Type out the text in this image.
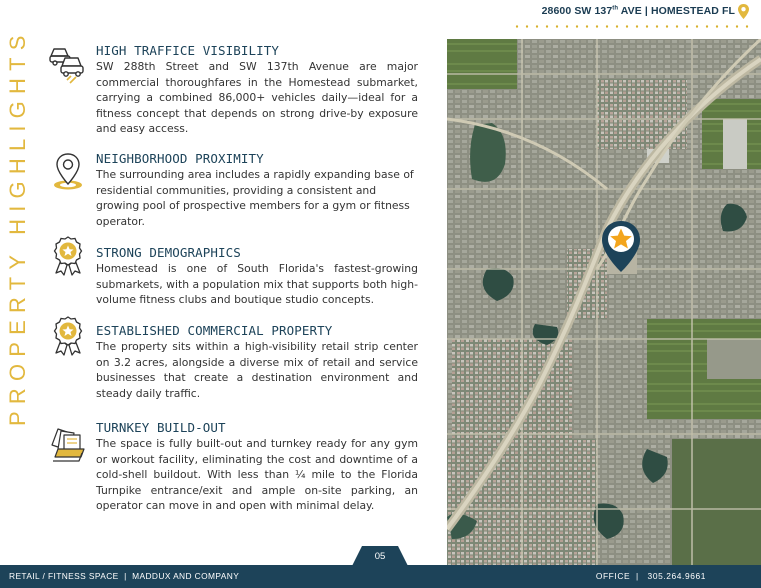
28600 SW 137th AVE | HOMESTEAD FL
PROPERTY HIGHLIGHTS	HIGH TRAFFICE VISIBILITY
SW 288th Street and SW 137th Avenue are major commercial thoroughfares in the Homestead submarket, carrying a combined 86,000+ vehicles daily—ideal for a fitness concept that depends on strong drive-by exposure and easy access.
NEIGHBORHOOD PROXIMITY
The surrounding area includes a rapidly expanding base of residential communities, providing a consistent and growing pool of prospective members for a gym or fitness operator.
STRONG DEMOGRAPHICS
Homestead is one of South Florida's fastest-growing submarkets, with a population mix that supports both high-volume fitness clubs and boutique studio concepts.
ESTABLISHED COMMERCIAL PROPERTY
The property sits within a high-visibility retail strip center on 3.2 acres, alongside a diverse mix of retail and service businesses that create a destination environment and steady daily traffic.
TURNKEY BUILD-OUT
The space is fully built-out and turnkey ready for any gym or workout facility, eliminating the cost and downtime of a cold-shell buildout. With less than ¼ mile to the Florida Turnpike entrance/exit and ample on-site parking, an operator can move in and open with minimal delay.
05
RETAIL / FITNESS SPACE  |  MADDUX AND COMPANY	OFFICE  |   305.264.9661
